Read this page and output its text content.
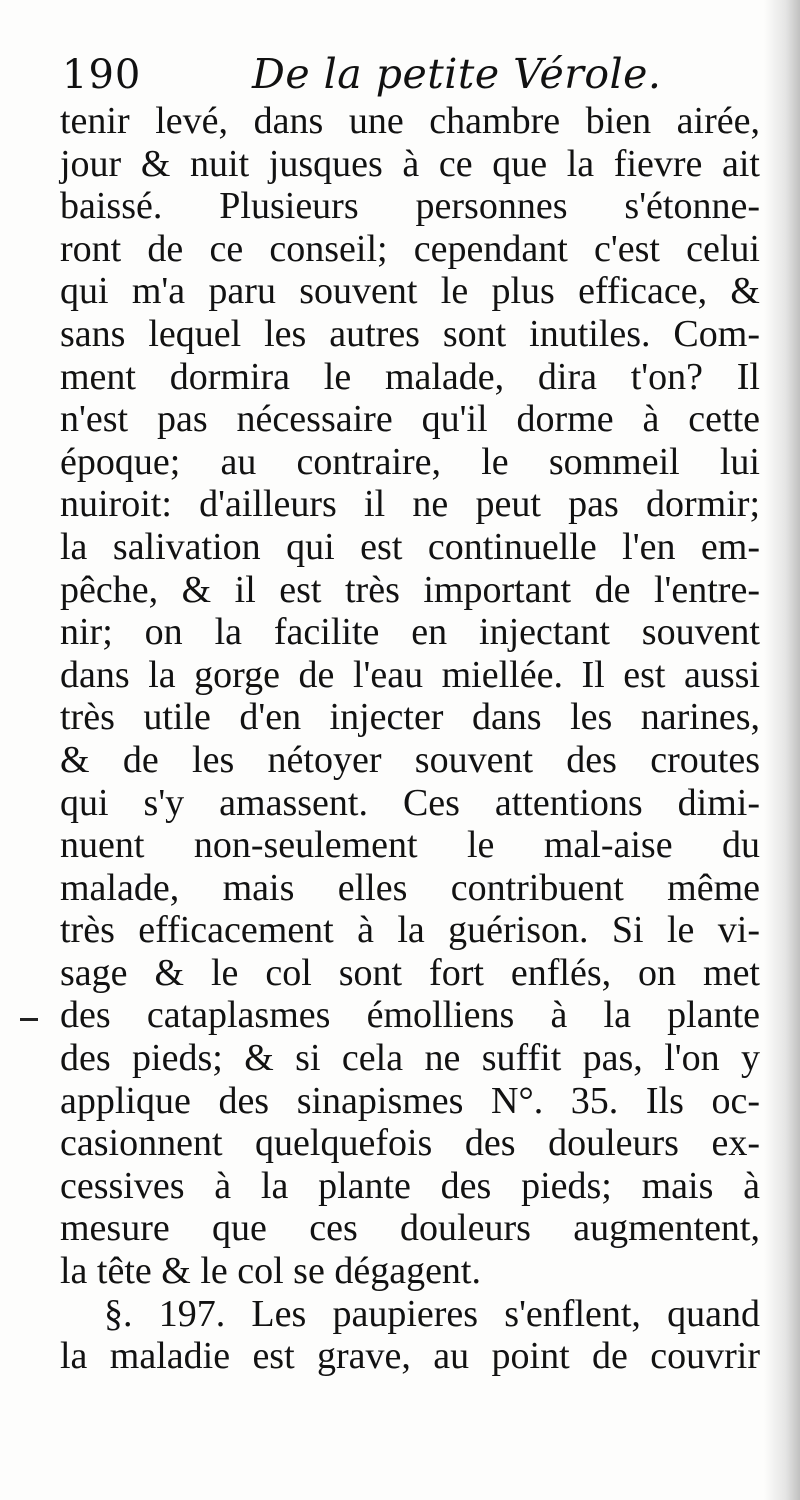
190	De la petite Vérole.
tenir levé, dans une chambre bien airée,
jour & nuit jusques à ce que la fievre ait
baissé. Plusieurs personnes s'étonne-
ront de ce conseil; cependant c'est celui
qui m'a paru souvent le plus efficace, &
sans lequel les autres sont inutiles. Com-
ment dormira le malade, dira t'on? Il
n'est pas nécessaire qu'il dorme à cette
époque; au contraire, le sommeil lui
nuiroit: d'ailleurs il ne peut pas dormir;
la salivation qui est continuelle l'en em-
pêche, & il est très important de l'entre-
nir; on la facilite en injectant souvent
dans la gorge de l'eau miellée. Il est aussi
très utile d'en injecter dans les narines,
& de les nétoyer souvent des croutes
qui s'y amassent. Ces attentions dimi-
nuent non-seulement le mal-aise du
malade, mais elles contribuent même
très efficacement à la guérison. Si le vi-
sage & le col sont fort enflés, on met
des cataplasmes émolliens à la plante
des pieds; & si cela ne suffit pas, l'on y
applique des sinapismes N°. 35. Ils oc-
casionnent quelquefois des douleurs ex-
cessives à la plante des pieds; mais à
mesure que ces douleurs augmentent,
la tête & le col se dégagent.
§. 197. Les paupieres s'enflent, quand
la maladie est grave, au point de couvrir
